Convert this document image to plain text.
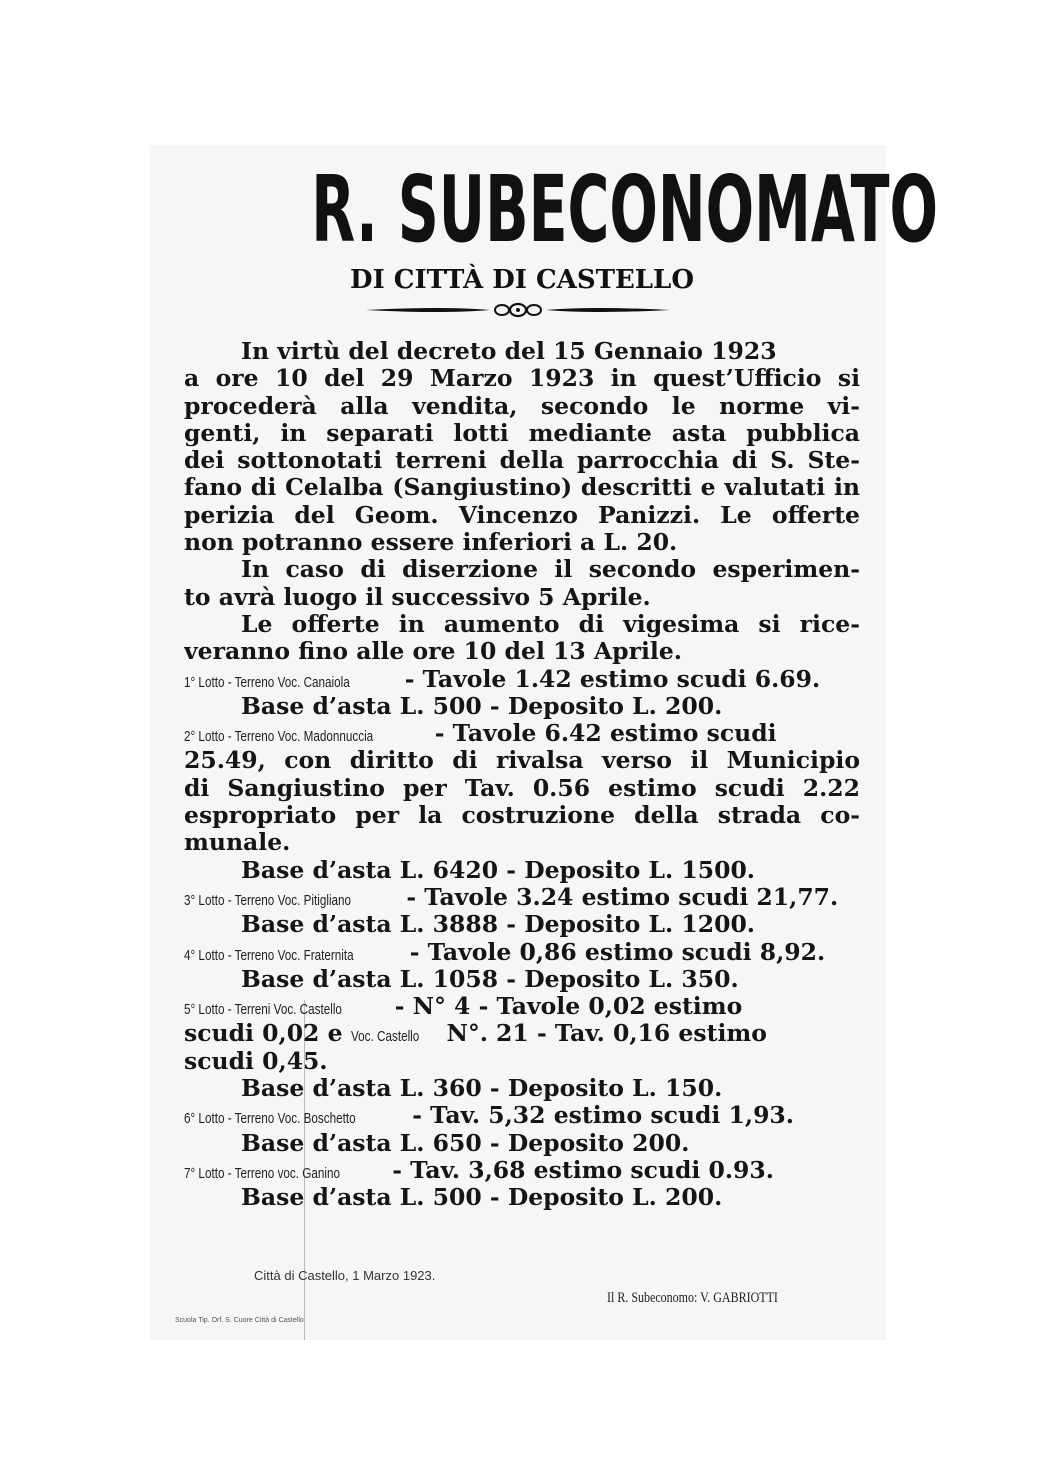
R. SUBECONOMATO
DI CITTÀ DI CASTELLO
In virtù del decreto del 15 Gennaio 1923
a ore 10 del 29 Marzo 1923 in quest’Ufficio si
procederà alla vendita, secondo le norme vi-
genti, in separati lotti mediante asta pubblica
dei sottonotati terreni della parrocchia di S. Ste-
fano di Celalba (Sangiustino) descritti e valutati in
perizia del Geom. Vincenzo Panizzi. Le offerte
non potranno essere inferiori a L. 20.
In caso di diserzione il secondo esperimen-
to avrà luogo il successivo 5 Aprile.
Le offerte in aumento di vigesima si rice-
veranno fino alle ore 10 del 13 Aprile.
1° Lotto - Terreno Voc. Canaiola - Tavole 1.42 estimo scudi 6.69.
Base d’asta L. 500 - Deposito L. 200.
2° Lotto - Terreno Voc. Madonnuccia	- Tavole 6.42 estimo scudi
25.49, con diritto di rivalsa verso il Municipio
di Sangiustino per Tav. 0.56 estimo scudi 2.22
espropriato per la costruzione della strada co-
munale.
Base d’asta L. 6420 - Deposito L. 1500.
3° Lotto - Terreno Voc. Pitigliano - Tavole 3.24 estimo scudi 21,77.
Base d’asta L. 3888 - Deposito L. 1200.
4° Lotto - Terreno Voc. Fraternita - Tavole 0,86 estimo scudi 8,92.
Base d’asta L. 1058 - Deposito L. 350.
5° Lotto - Terreni Voc. Castello - N° 4 - Tavole 0,02 estimo
scudi 0,02 e Voc. Castello N°. 21 - Tav. 0,16 estimo
scudi 0,45.
Base d’asta L. 360 - Deposito L. 150.
6° Lotto - Terreno Voc. Boschetto - Tav. 5,32 estimo scudi 1,93.
Base d’asta L. 650 - Deposito 200.
7° Lotto - Terreno voc. Ganino - Tav. 3,68 estimo scudi 0.93.
Base d’asta L. 500 - Deposito L. 200.
Città di Castello, 1 Marzo 1923.
Il R. Subeconomo: V. GABRIOTTI
Scuola Tip. Orf. S. Cuore Città di Castello
